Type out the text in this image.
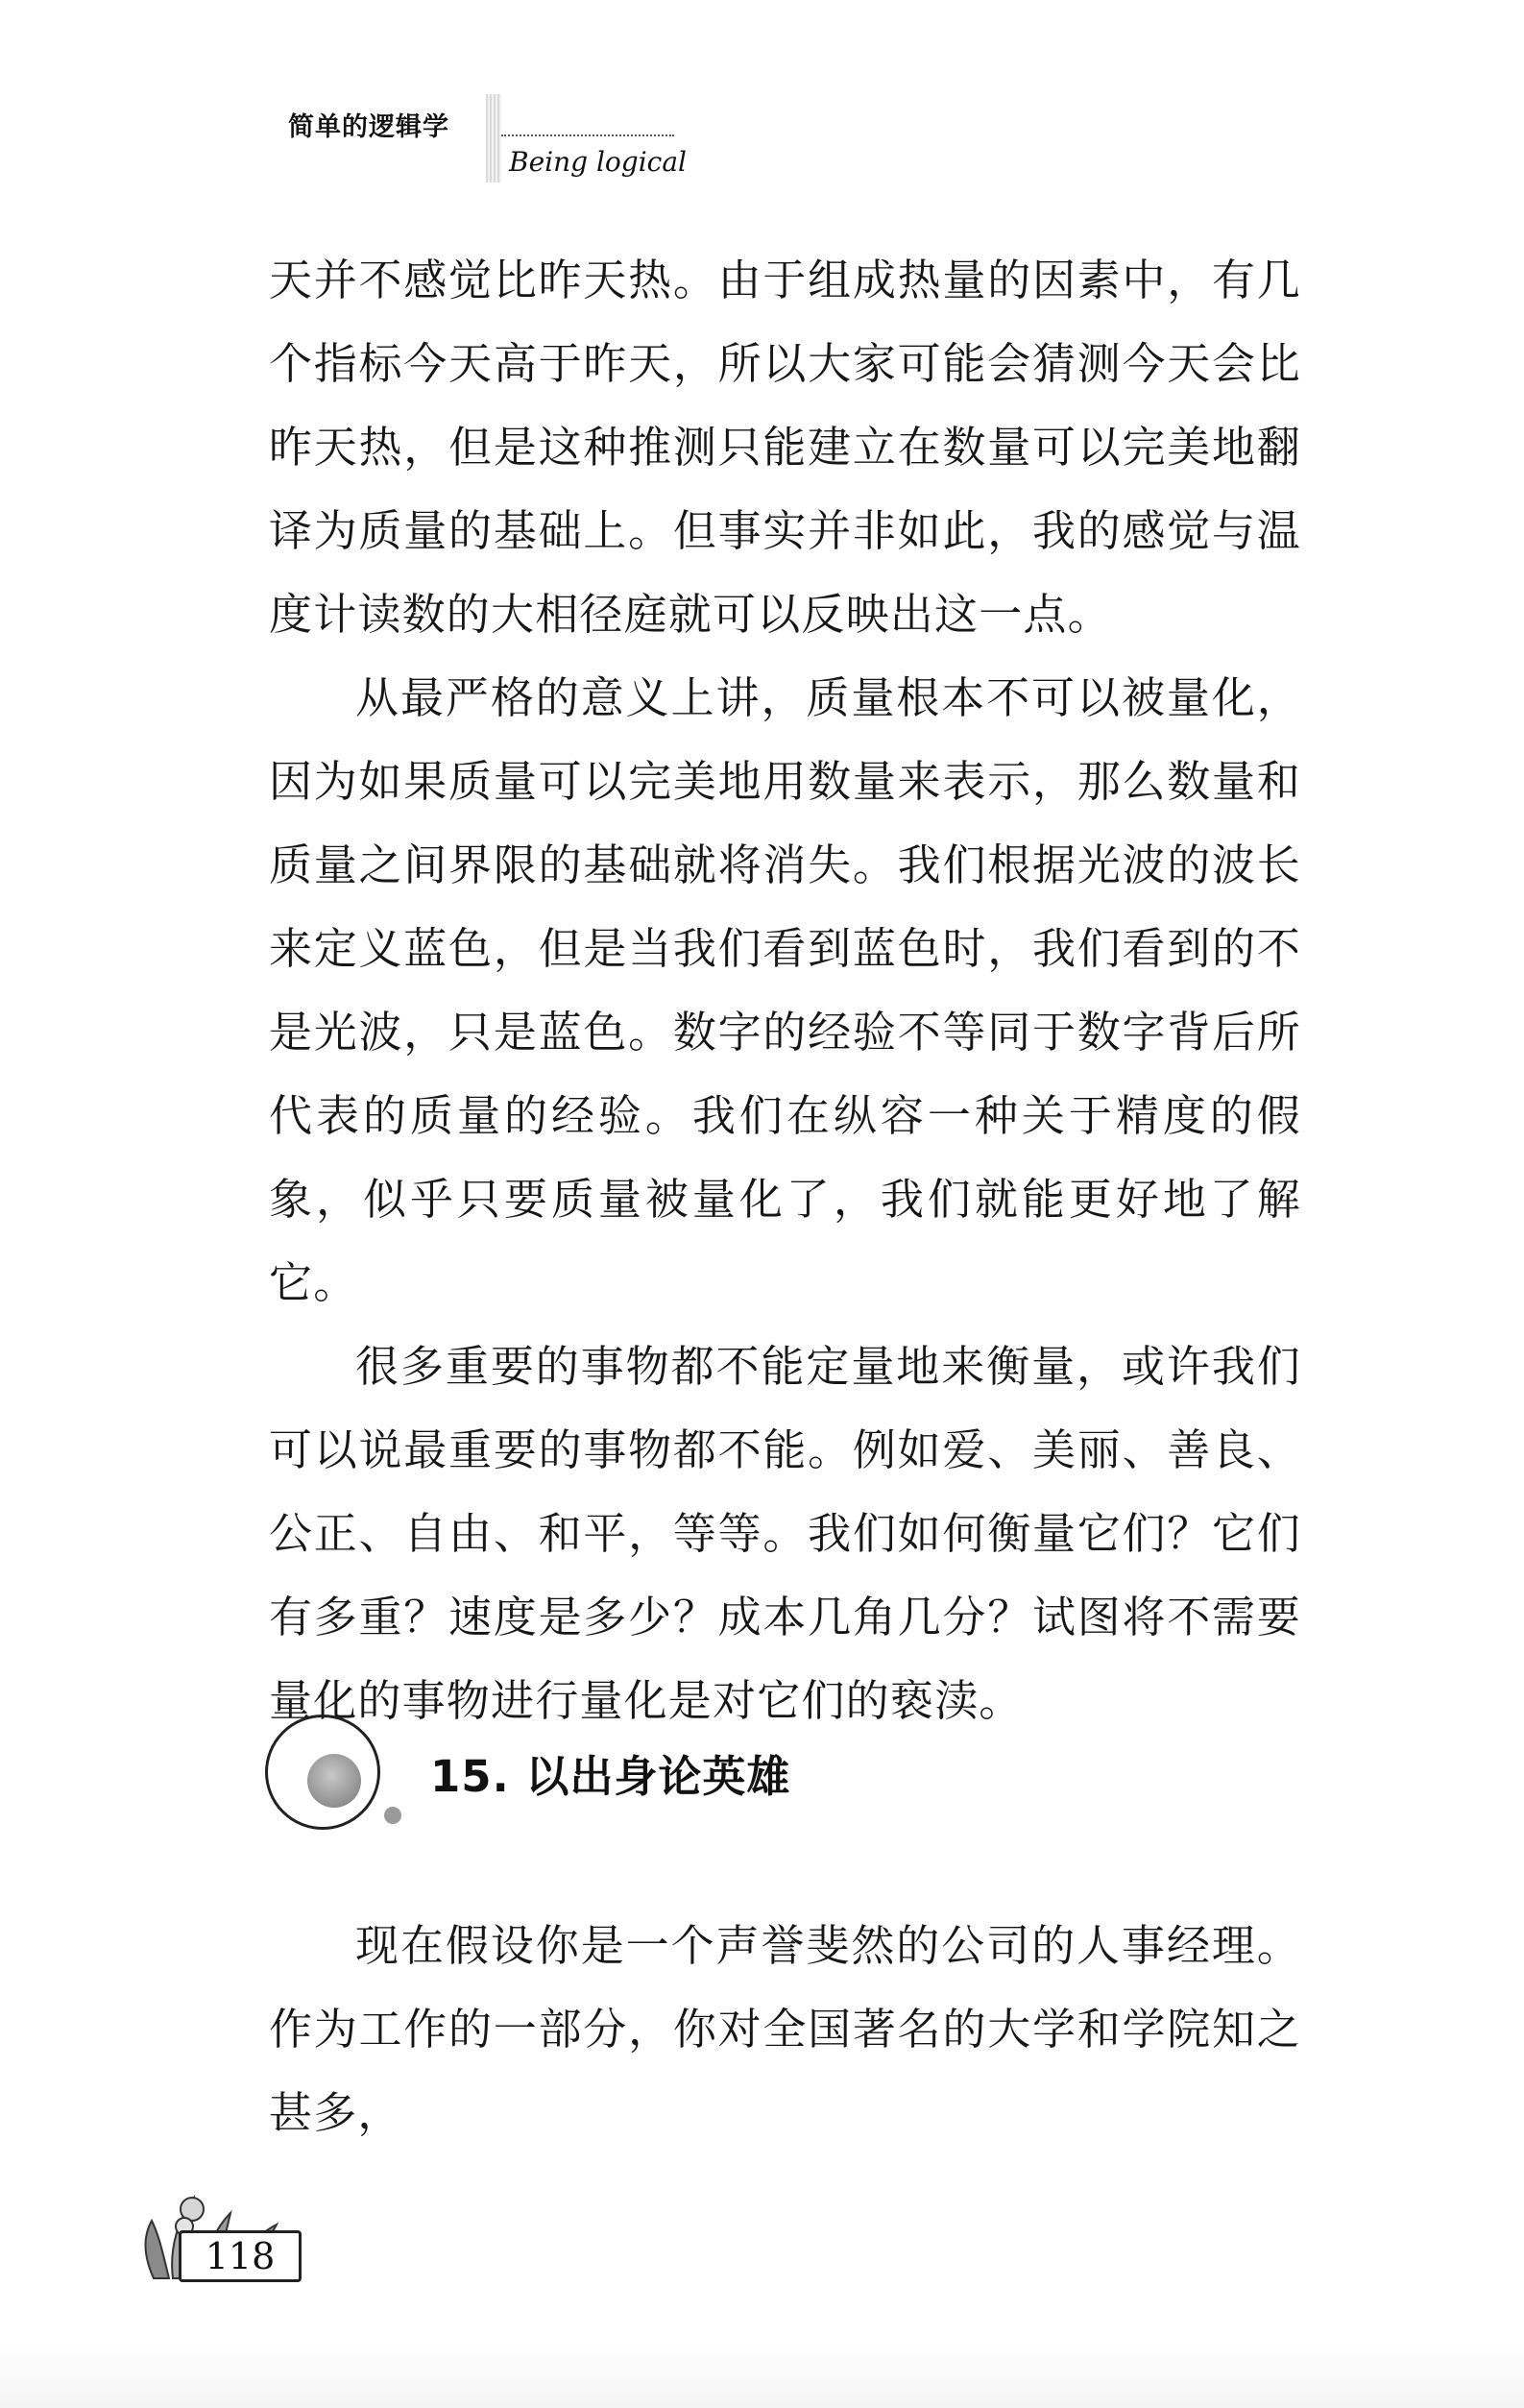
简单的逻辑学
Being logical

天并不感觉比昨天热。由于组成热量的因素中，有几个指标今天高于昨天，所以大家可能会猜测今天会比昨天热，但是这种推测只能建立在数量可以完美地翻译为质量的基础上。但事实并非如此，我的感觉与温度计读数的大相径庭就可以反映出这一点。

从最严格的意义上讲，质量根本不可以被量化，因为如果质量可以完美地用数量来表示，那么数量和质量之间界限的基础就将消失。我们根据光波的波长来定义蓝色，但是当我们看到蓝色时，我们看到的不是光波，只是蓝色。数字的经验不等同于数字背后所代表的质量的经验。我们在纵容一种关于精度的假象，似乎只要质量被量化了，我们就能更好地了解它。

很多重要的事物都不能定量地来衡量，或许我们可以说最重要的事物都不能。例如爱、美丽、善良、公正、自由、和平，等等。我们如何衡量它们？它们有多重？速度是多少？成本几角几分？试图将不需要量化的事物进行量化是对它们的亵渎。

15. 以出身论英雄

现在假设你是一个声誉斐然的公司的人事经理。作为工作的一部分，你对全国著名的大学和学院知之甚多，

118
